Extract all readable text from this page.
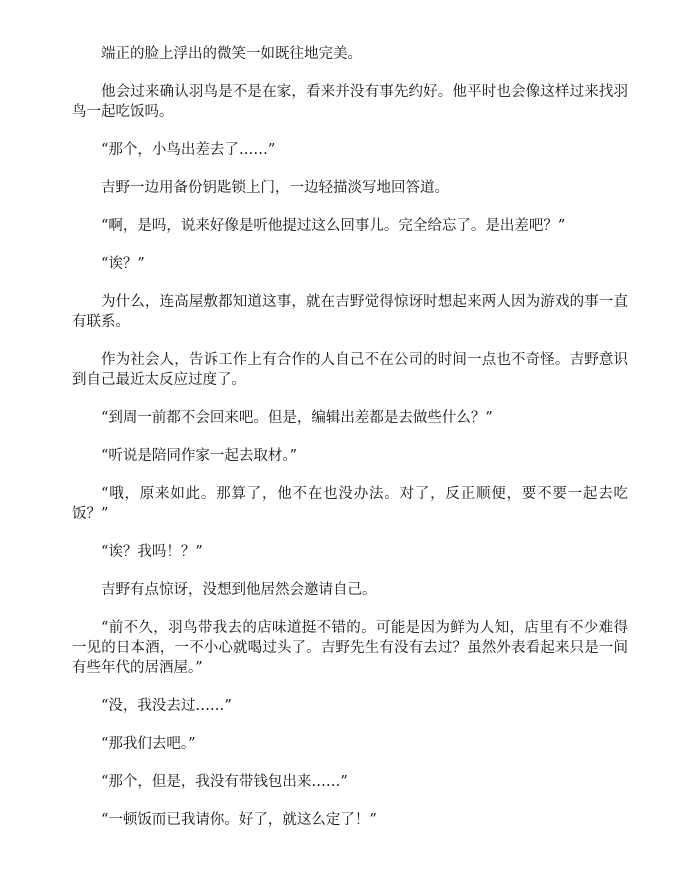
端正的脸上浮出的微笑一如既往地完美。

他会过来确认羽鸟是不是在家，看来并没有事先约好。他平时也会像这样过来找羽鸟一起吃饭吗。

“那个，小鸟出差去了……”

吉野一边用备份钥匙锁上门，一边轻描淡写地回答道。

“啊，是吗，说来好像是听他提过这么回事儿。完全给忘了。是出差吧？”

“诶？”

为什么，连高屋敷都知道这事，就在吉野觉得惊讶时想起来两人因为游戏的事一直有联系。

作为社会人，告诉工作上有合作的人自己不在公司的时间一点也不奇怪。吉野意识到自己最近太反应过度了。

“到周一前都不会回来吧。但是，编辑出差都是去做些什么？”

“听说是陪同作家一起去取材。”

“哦，原来如此。那算了，他不在也没办法。对了，反正顺便，要不要一起去吃饭？”

“诶？我吗！？”

吉野有点惊讶，没想到他居然会邀请自己。

“前不久，羽鸟带我去的店味道挺不错的。可能是因为鲜为人知，店里有不少难得一见的日本酒，一不小心就喝过头了。吉野先生有没有去过？虽然外表看起来只是一间有些年代的居酒屋。”

“没，我没去过……”

“那我们去吧。”

“那个，但是，我没有带钱包出来……”

“一顿饭而已我请你。好了，就这么定了！”
